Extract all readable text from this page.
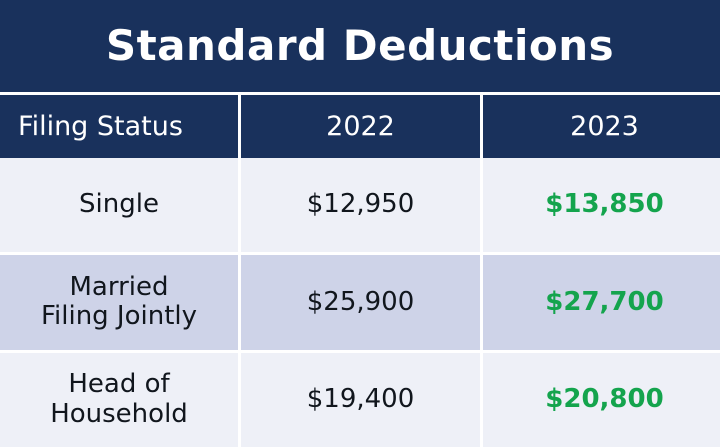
Standard Deductions
Filing Status	2022	2023
Single	$12,950	$13,850
Married
Filing Jointly	$25,900	$27,700
Head of
Household	$19,400	$20,800
